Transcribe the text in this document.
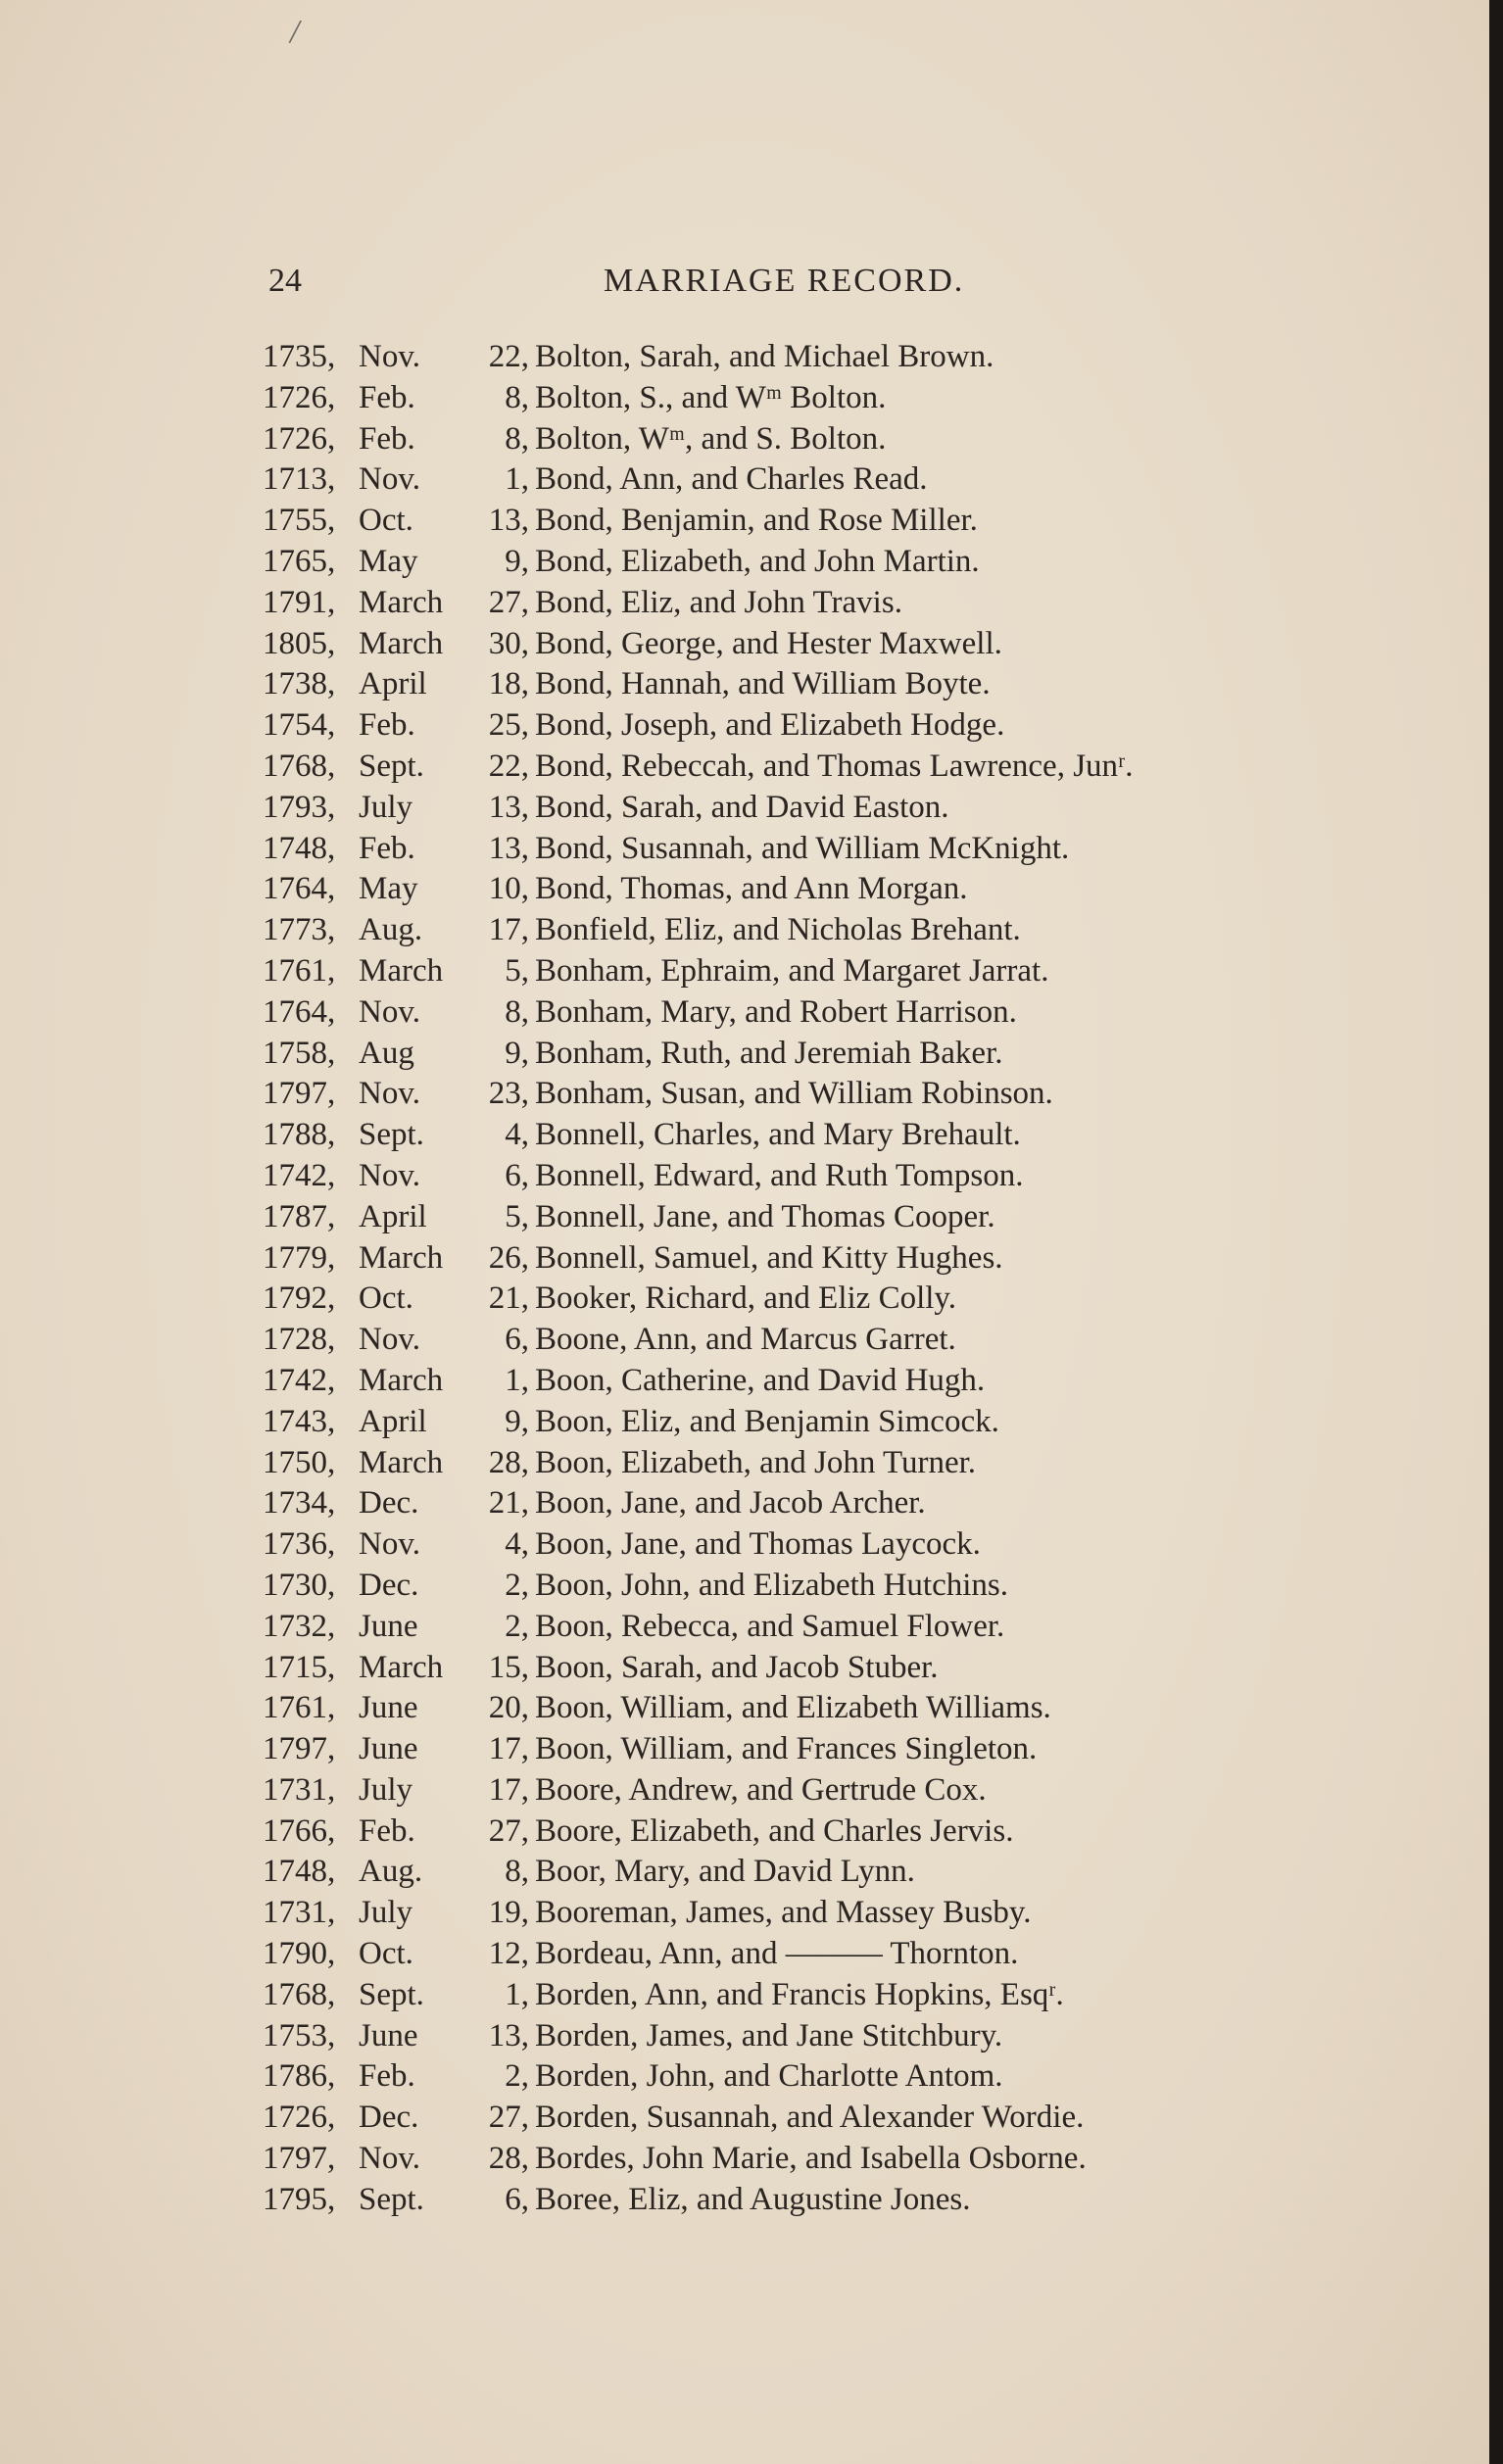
/
24	MARRIAGE RECORD.
1735, Nov.	22, Bolton, Sarah, and Michael Brown.
1726, Feb.	8, Bolton, S., and Wᵐ Bolton.
1726, Feb.	8, Bolton, Wᵐ, and S. Bolton.
1713, Nov.	1, Bond, Ann, and Charles Read.
1755, Oct.	13, Bond, Benjamin, and Rose Miller.
1765, May	9, Bond, Elizabeth, and John Martin.
1791, March	27, Bond, Eliz, and John Travis.
1805, March	30, Bond, George, and Hester Maxwell.
1738, April	18, Bond, Hannah, and William Boyte.
1754, Feb.	25, Bond, Joseph, and Elizabeth Hodge.
1768, Sept.	22, Bond, Rebeccah, and Thomas Lawrence, Junʳ.
1793, July	13, Bond, Sarah, and David Easton.
1748, Feb.	13, Bond, Susannah, and William McKnight.
1764, May	10, Bond, Thomas, and Ann Morgan.
1773, Aug.	17, Bonfield, Eliz, and Nicholas Brehant.
1761, March	5, Bonham, Ephraim, and Margaret Jarrat.
1764, Nov.	8, Bonham, Mary, and Robert Harrison.
1758, Aug	9, Bonham, Ruth, and Jeremiah Baker.
1797, Nov.	23, Bonham, Susan, and William Robinson.
1788, Sept.	4, Bonnell, Charles, and Mary Brehault.
1742, Nov.	6, Bonnell, Edward, and Ruth Tompson.
1787, April	5, Bonnell, Jane, and Thomas Cooper.
1779, March	26, Bonnell, Samuel, and Kitty Hughes.
1792, Oct.	21, Booker, Richard, and Eliz Colly.
1728, Nov.	6, Boone, Ann, and Marcus Garret.
1742, March	1, Boon, Catherine, and David Hugh.
1743, April	9, Boon, Eliz, and Benjamin Simcock.
1750, March	28, Boon, Elizabeth, and John Turner.
1734, Dec.	21, Boon, Jane, and Jacob Archer.
1736, Nov.	4, Boon, Jane, and Thomas Laycock.
1730, Dec.	2, Boon, John, and Elizabeth Hutchins.
1732, June	2, Boon, Rebecca, and Samuel Flower.
1715, March	15, Boon, Sarah, and Jacob Stuber.
1761, June	20, Boon, William, and Elizabeth Williams.
1797, June	17, Boon, William, and Frances Singleton.
1731, July	17, Boore, Andrew, and Gertrude Cox.
1766, Feb.	27, Boore, Elizabeth, and Charles Jervis.
1748, Aug.	8, Boor, Mary, and David Lynn.
1731, July	19, Booreman, James, and Massey Busby.
1790, Oct.	12, Bordeau, Ann, and ——— Thornton.
1768, Sept.	1, Borden, Ann, and Francis Hopkins, Esqʳ.
1753, June	13, Borden, James, and Jane Stitchbury.
1786, Feb.	2, Borden, John, and Charlotte Antom.
1726, Dec.	27, Borden, Susannah, and Alexander Wordie.
1797, Nov.	28, Bordes, John Marie, and Isabella Osborne.
1795, Sept.	6, Boree, Eliz, and Augustine Jones.
